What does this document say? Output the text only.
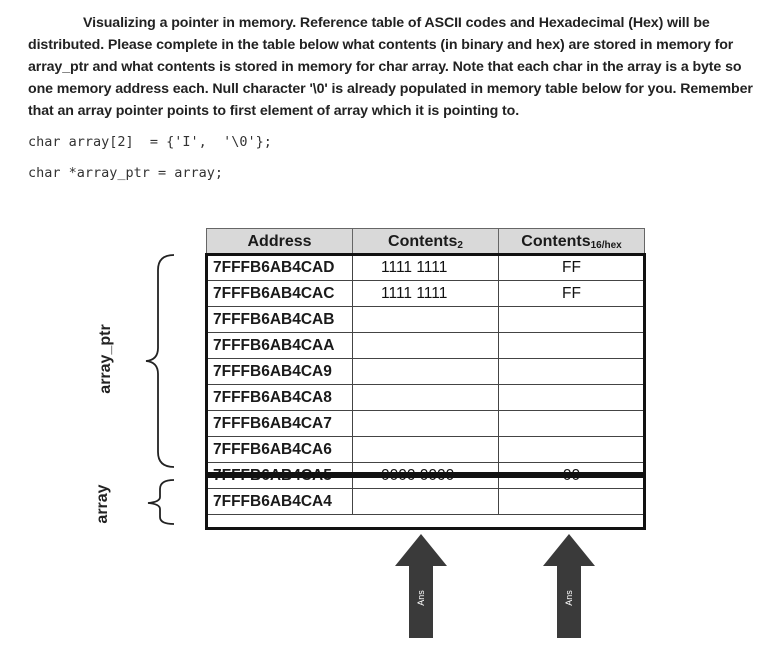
Visualizing a pointer in memory. Reference table of ASCII codes and Hexadecimal (Hex) will be
distributed. Please complete in the table below what contents (in binary and hex) are stored in memory for array_ptr and what contents is stored in memory for char array. Note that each char in the array is a byte so one memory address each. Null character '\0' is already populated in memory table below for you. Remember that an array pointer points to first element of array which it is pointing to.
char array[2]  = {'I',  '\0'};
char *array_ptr = array;
Address	Contents$_2$	Contents$_{16/hex}$
7FFFB6AB4CAD	1111 1111	FF
7FFFB6AB4CAC	1111 1111	FF
7FFFB6AB4CAB		
7FFFB6AB4CAA		
7FFFB6AB4CA9		
7FFFB6AB4CA8		
7FFFB6AB4CA7		
7FFFB6AB4CA6		
7FFFB6AB4CA5	0000 0000	00
7FFFB6AB4CA4		
array_ptr
array
Ans	Ans
